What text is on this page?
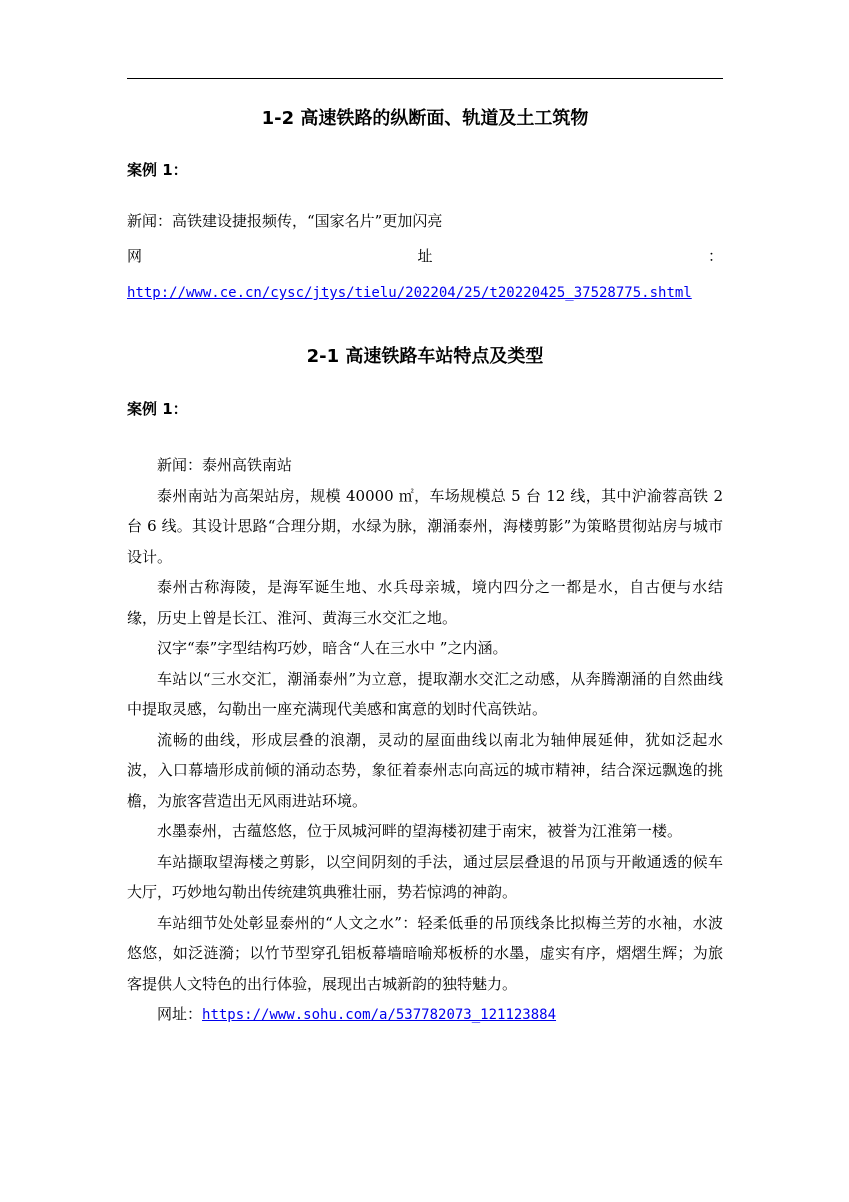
1-2 高速铁路的纵断面、轨道及土工筑物
案例 1：
新闻：高铁建设捷报频传，“国家名片”更加闪亮
网	址	：
http://www.ce.cn/cysc/jtys/tielu/202204/25/t20220425_37528775.shtml
2-1 高速铁路车站特点及类型
案例 1：

新闻：泰州高铁南站

泰州南站为高架站房，规模 40000 ㎡，车场规模总 5 台 12 线，其中沪渝蓉高铁 2 台 6 线。其设计思路“合理分期，水绿为脉，潮涌泰州，海楼剪影”为策略贯彻站房与城市设计。

泰州古称海陵，是海军诞生地、水兵母亲城，境内四分之一都是水，自古便与水结缘，历史上曾是长江、淮河、黄海三水交汇之地。

汉字“泰”字型结构巧妙，暗含“人在三水中 ”之内涵。

车站以“三水交汇，潮涌泰州”为立意，提取潮水交汇之动感，从奔腾潮涌的自然曲线中提取灵感，勾勒出一座充满现代美感和寓意的划时代高铁站。

流畅的曲线，形成层叠的浪潮，灵动的屋面曲线以南北为轴伸展延伸，犹如泛起水波，入口幕墙形成前倾的涌动态势，象征着泰州志向高远的城市精神，结合深远飘逸的挑檐，为旅客营造出无风雨进站环境。

水墨泰州，古蕴悠悠，位于凤城河畔的望海楼初建于南宋，被誉为江淮第一楼。

车站撷取望海楼之剪影，以空间阴刻的手法，通过层层叠退的吊顶与开敞通透的候车大厅，巧妙地勾勒出传统建筑典雅壮丽，势若惊鸿的神韵。

车站细节处处彰显泰州的“人文之水”：轻柔低垂的吊顶线条比拟梅兰芳的水袖，水波悠悠，如泛涟漪；以竹节型穿孔铝板幕墙暗喻郑板桥的水墨，虚实有序，熠熠生辉；为旅客提供人文特色的出行体验，展现出古城新韵的独特魅力。

网址：https://www.sohu.com/a/537782073_121123884
